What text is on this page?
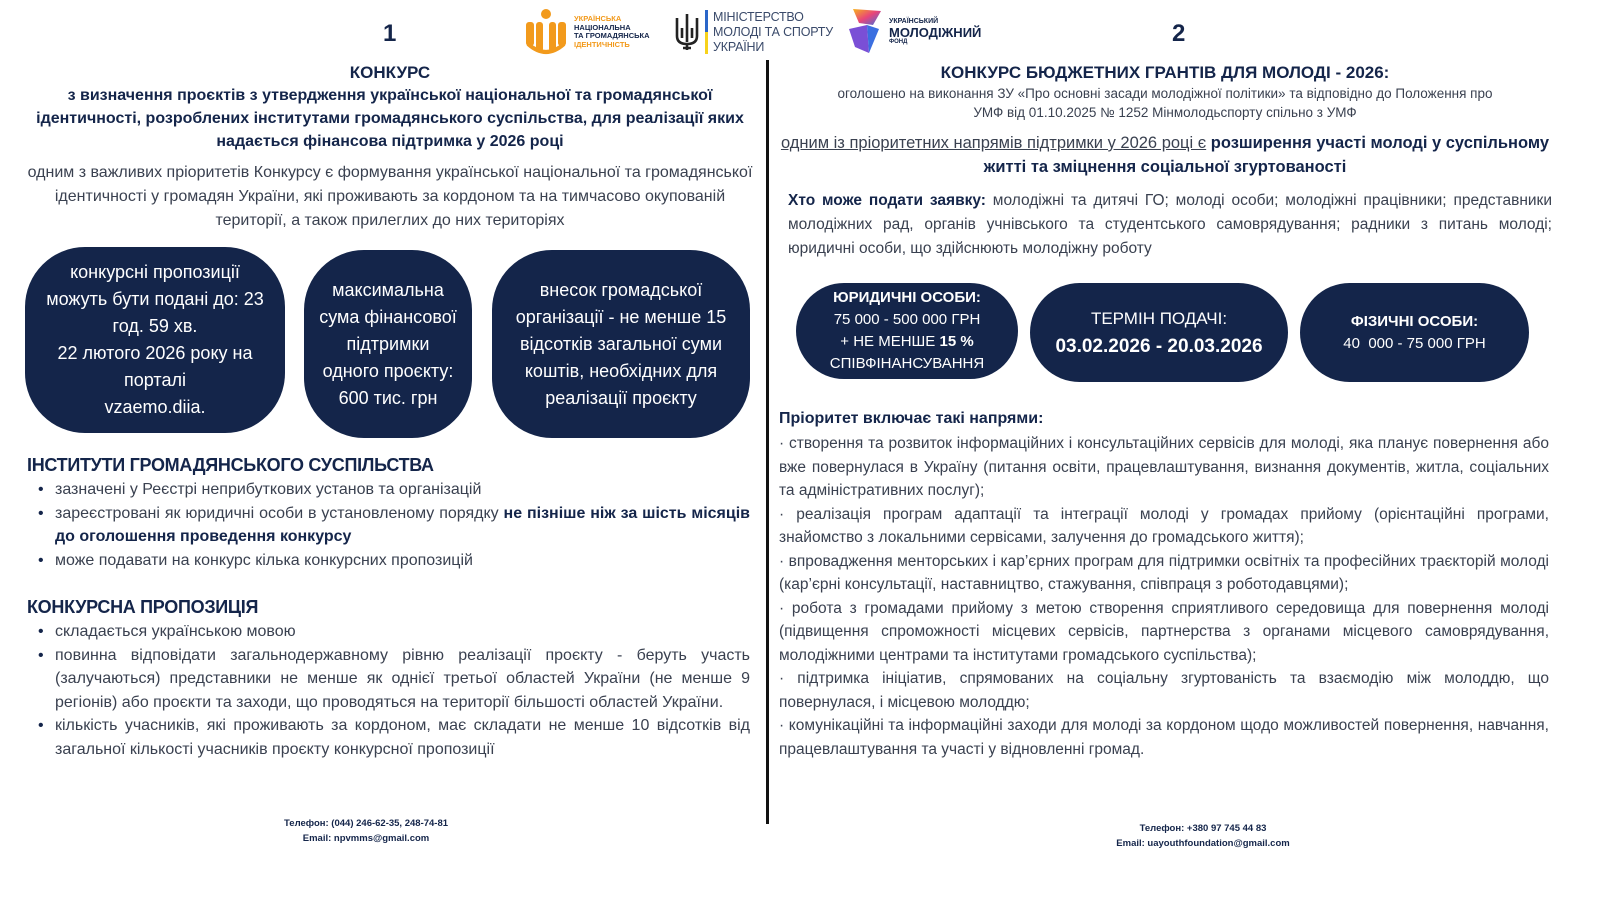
1	2
УКРАЇНСЬКА
НАЦІОНАЛЬНА
ТА ГРОМАДЯНСЬКА
ІДЕНТИЧНІСТЬ
МІНІСТЕРСТВО
МОЛОДІ ТА СПОРТУ
УКРАЇНИ
УКРАЇНСЬКИЙ
МОЛОДІЖНИЙ
ФОНД
КОНКУРС
з визначення проєктів з утвердження української національної та громадянської ідентичності, розроблених інститутами громадянського суспільства, для реалізації яких надається фінансова підтримка у 2026 році
одним з важливих пріоритетів Конкурсу є формування української національної та громадянської ідентичності у громадян України, які проживають за кордоном та на тимчасово окупованій території, а також прилеглих до них територіях
конкурсні пропозиції
можуть бути подані до: 23
год. 59 хв.
22 лютого 2026 року на
порталі
vzaemo.diia.
максимальна
сума фінансової
підтримки
одного проєкту:
600 тис. грн
внесок громадської
організації - не менше 15
відсотків загальної суми
коштів, необхідних для
реалізації проєкту
ІНСТИТУТИ ГРОМАДЯНСЬКОГО СУСПІЛЬСТВА
• зазначені у Реєстрі неприбуткових установ та організацій
• зареєстровані як юридичні особи в установленому порядку не пізніше ніж за шість місяців до оголошення проведення конкурсу
• може подавати на конкурс кілька конкурсних пропозицій
КОНКУРСНА ПРОПОЗИЦІЯ
• складається українською мовою
• повинна відповідати загальнодержавному рівню реалізації проєкту - беруть участь (залучаються) представники не менше як однієї третьої областей України (не менше 9 регіонів) або проєкти та заходи, що проводяться на території більшості областей України.
• кількість учасників, які проживають за кордоном, має складати не менше 10 відсотків від загальної кількості учасників проєкту конкурсної пропозиції
Телефон: (044) 246-62-35, 248-74-81
Email: npvmms@gmail.com
КОНКУРС БЮДЖЕТНИХ ГРАНТІВ ДЛЯ МОЛОДІ - 2026:
оголошено на виконання ЗУ «Про основні засади молодіжної політики» та відповідно до Положення про
УМФ від 01.10.2025 № 1252 Мінмолодьспорту спільно з УМФ
одним із пріоритетних напрямів підтримки у 2026 році є розширення участі молоді у суспільному житті та зміцнення соціальної згуртованості
Хто може подати заявку: молодіжні та дитячі ГО; молоді особи; молодіжні працівники; представники молодіжних рад, органів учнівського та студентського самоврядування; радники з питань молоді; юридичні особи, що здійснюють молодіжну роботу
ЮРИДИЧНІ ОСОБИ:
75 000 - 500 000 ГРН
+ НЕ МЕНШЕ 15 %
СПІВФІНАНСУВАННЯ
ТЕРМІН ПОДАЧІ:
03.02.2026 - 20.03.2026
ФІЗИЧНІ ОСОБИ:
40  000 - 75 000 ГРН
Пріоритет включає такі напрями:

· створення та розвиток інформаційних і консультаційних сервісів для молоді, яка планує повернення або вже повернулася в Україну (питання освіти, працевлаштування, визнання документів, житла, соціальних та адміністративних послуг);

· реалізація програм адаптації та інтеграції молоді у громадах прийому (орієнтаційні програми, знайомство з локальними сервісами, залучення до громадського життя);

· впровадження менторських і кар’єрних програм для підтримки освітніх та професійних траєкторій молоді (кар’єрні консультації, наставництво, стажування, співпраця з роботодавцями);

· робота з громадами прийому з метою створення сприятливого середовища для повернення молоді (підвищення спроможності місцевих сервісів, партнерства з органами місцевого самоврядування, молодіжними центрами та інститутами громадського суспільства);

· підтримка ініціатив, спрямованих на соціальну згуртованість та взаємодію між молоддю, що повернулася, і місцевою молоддю;

· комунікаційні та інформаційні заходи для молоді за кордоном щодо можливостей повернення, навчання, працевлаштування та участі у відновленні громад.

Телефон: +380 97 745 44 83
Email: uayouthfoundation@gmail.com
